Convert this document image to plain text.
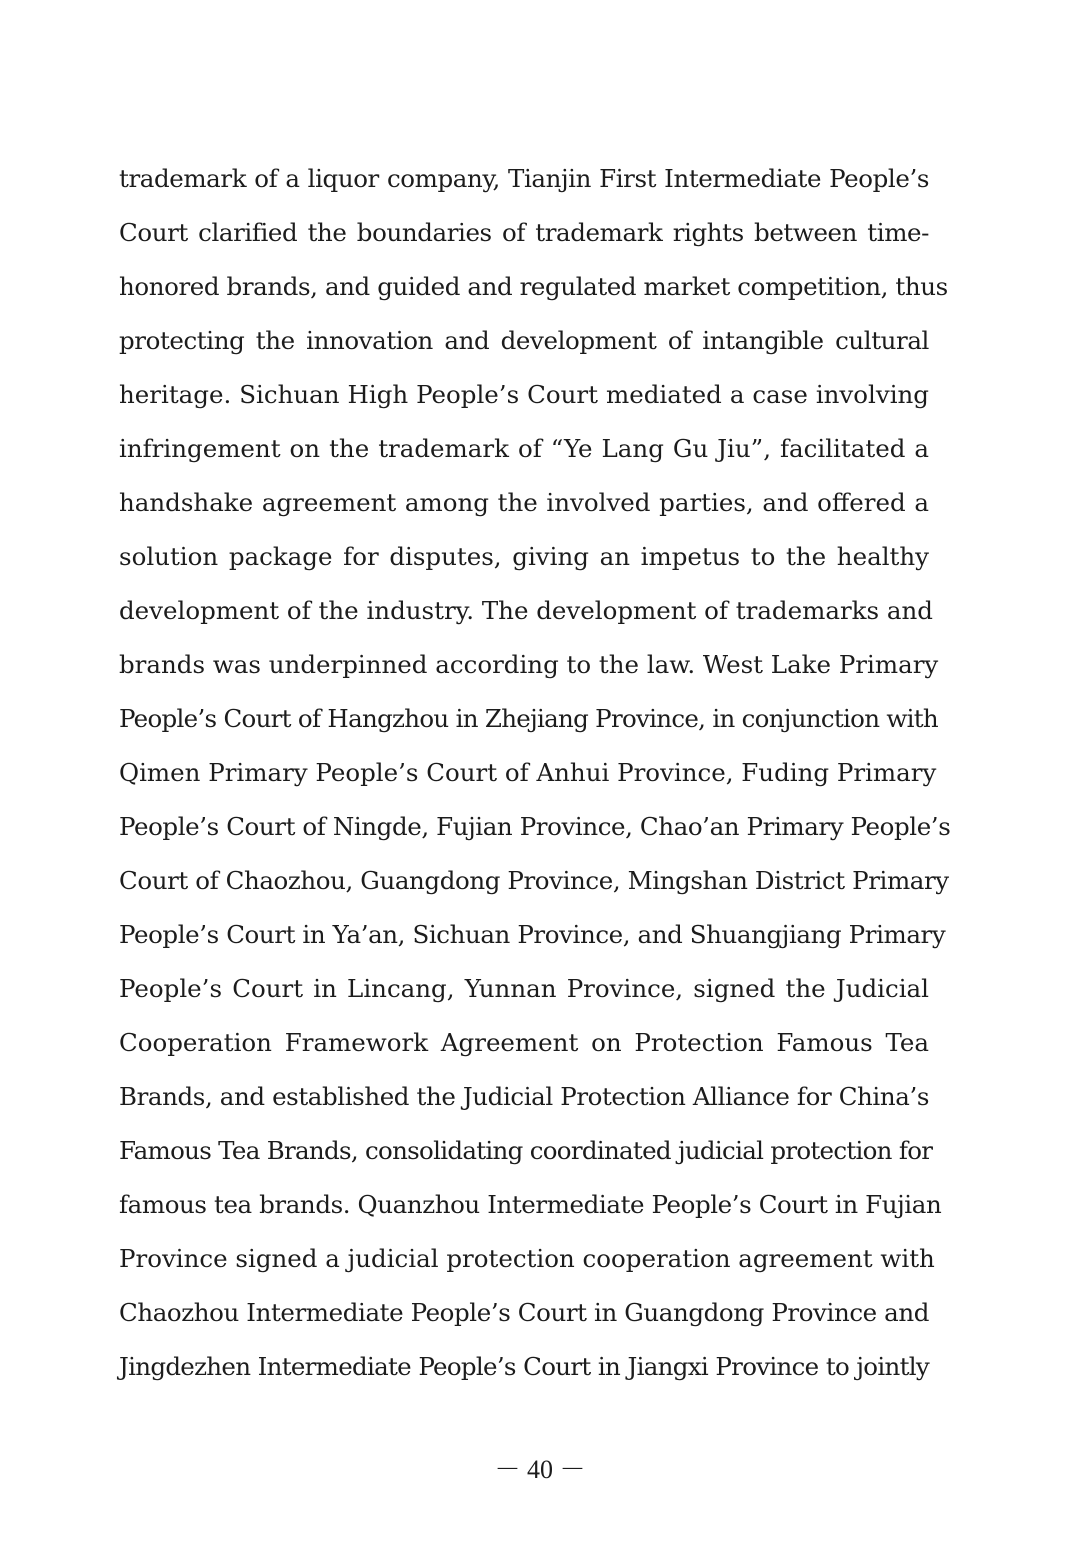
trademark of a liquor company, Tianjin First Intermediate People’s
Court clarified the boundaries of trademark rights between time-
honored brands, and guided and regulated market competition, thus
protecting the innovation and development of intangible cultural
heritage. Sichuan High People’s Court mediated a case involving
infringement on the trademark of “Ye Lang Gu Jiu”, facilitated a
handshake agreement among the involved parties, and offered a
solution package for disputes, giving an impetus to the healthy
development of the industry. The development of trademarks and
brands was underpinned according to the law. West Lake Primary
People’s Court of Hangzhou in Zhejiang Province, in conjunction with
Qimen Primary People’s Court of Anhui Province, Fuding Primary
People’s Court of Ningde, Fujian Province, Chao’an Primary People’s
Court of Chaozhou, Guangdong Province, Mingshan District Primary
People’s Court in Ya’an, Sichuan Province, and Shuangjiang Primary
People’s Court in Lincang, Yunnan Province, signed the Judicial
Cooperation Framework Agreement on Protection Famous Tea
Brands, and established the Judicial Protection Alliance for China’s
Famous Tea Brands, consolidating coordinated judicial protection for
famous tea brands. Quanzhou Intermediate People’s Court in Fujian
Province signed a judicial protection cooperation agreement with
Chaozhou Intermediate People’s Court in Guangdong Province and
Jingdezhen Intermediate People’s Court in Jiangxi Province to jointly
－ 40 －
